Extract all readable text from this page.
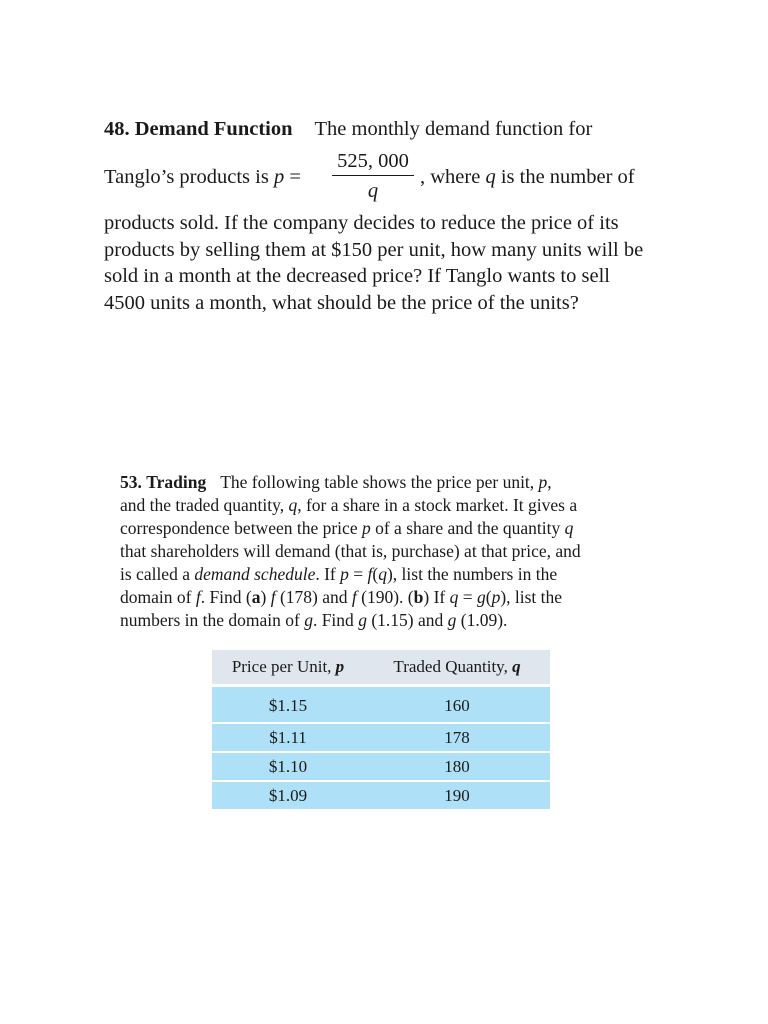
48. Demand Function The monthly demand function for
Tanglo’s products is p =
525, 000
q
, where q is the number of
products sold. If the company decides to reduce the price of its
products by selling them at $150 per unit, how many units will be
sold in a month at the decreased price? If Tanglo wants to sell
4500 units a month, what should be the price of the units?
53. Trading The following table shows the price per unit, p,
and the traded quantity, q, for a share in a stock market. It gives a
correspondence between the price p of a share and the quantity q
that shareholders will demand (that is, purchase) at that price, and
is called a demand schedule. If p = f(q), list the numbers in the
domain of f. Find (a) f (178) and f (190). (b) If q = g(p), list the
numbers in the domain of g. Find g (1.15) and g (1.09).
Price per Unit, p	Traded Quantity, q
$1.15	160
$1.11	178
$1.10	180
$1.09	190
